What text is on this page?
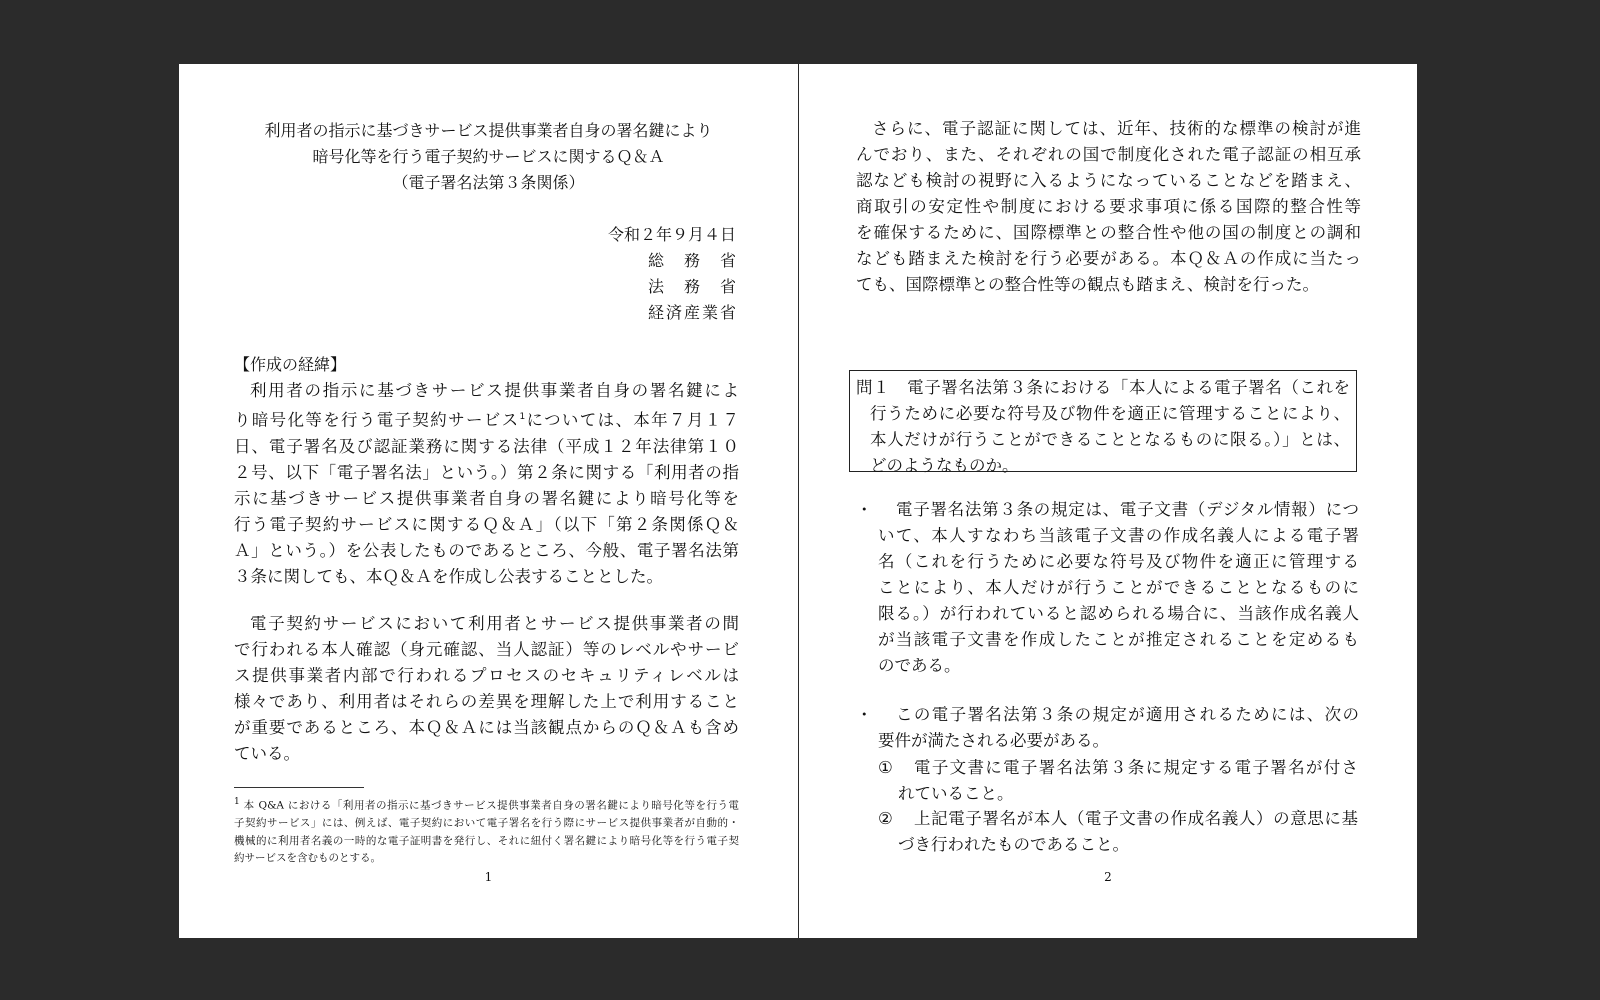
利用者の指示に基づきサービス提供事業者自身の署名鍵により
暗号化等を行う電子契約サービスに関するＱ＆Ａ
（電子署名法第３条関係）
令和２年９月４日
総務省
法務省
経済産業省
【作成の経緯】
利用者の指示に基づきサービス提供事業者自身の署名鍵によ
り暗号化等を行う電子契約サービス$^1$については、本年７月１７
日、電子署名及び認証業務に関する法律（平成１２年法律第１０
２号、以下「電子署名法」という。）第２条に関する「利用者の指
示に基づきサービス提供事業者自身の署名鍵により暗号化等を
行う電子契約サービスに関するＱ＆Ａ」（以下「第２条関係Ｑ＆
Ａ」という。）を公表したものであるところ、今般、電子署名法第
３条に関しても、本Ｑ＆Ａを作成し公表することとした。
電子契約サービスにおいて利用者とサービス提供事業者の間
で行われる本人確認（身元確認、当人認証）等のレベルやサービ
ス提供事業者内部で行われるプロセスのセキュリティレベルは
様々であり、利用者はそれらの差異を理解した上で利用すること
が重要であるところ、本Ｑ＆Ａには当該観点からのＱ＆Ａも含め
ている。
$^1$ 本 Q&A における「利用者の指示に基づきサービス提供事業者自身の署名鍵により暗号化等を行う電
子契約サービス」には、例えば、電子契約において電子署名を行う際にサービス提供事業者が自動的・
機械的に利用者名義の一時的な電子証明書を発行し、それに紐付く署名鍵により暗号化等を行う電子契
約サービスを含むものとする。
1
さらに、電子認証に関しては、近年、技術的な標準の検討が進
んでおり、また、それぞれの国で制度化された電子認証の相互承
認なども検討の視野に入るようになっていることなどを踏まえ、
商取引の安定性や制度における要求事項に係る国際的整合性等
を確保するために、国際標準との整合性や他の国の制度との調和
なども踏まえた検討を行う必要がある。本Ｑ＆Ａの作成に当たっ
ても、国際標準との整合性等の観点も踏まえ、検討を行った。
問１　電子署名法第３条における「本人による電子署名（これを
行うために必要な符号及び物件を適正に管理することにより、
本人だけが行うことができることとなるものに限る。）」とは、
どのようなものか。
・	電子署名法第３条の規定は、電子文書（デジタル情報）につ
いて、本人すなわち当該電子文書の作成名義人による電子署
名（これを行うために必要な符号及び物件を適正に管理する
ことにより、本人だけが行うことができることとなるものに
限る。）が行われていると認められる場合に、当該作成名義人
が当該電子文書を作成したことが推定されることを定めるも
のである。
・	この電子署名法第３条の規定が適用されるためには、次の
要件が満たされる必要がある。
①	電子文書に電子署名法第３条に規定する電子署名が付さ
れていること。
②	上記電子署名が本人（電子文書の作成名義人）の意思に基
づき行われたものであること。
2
